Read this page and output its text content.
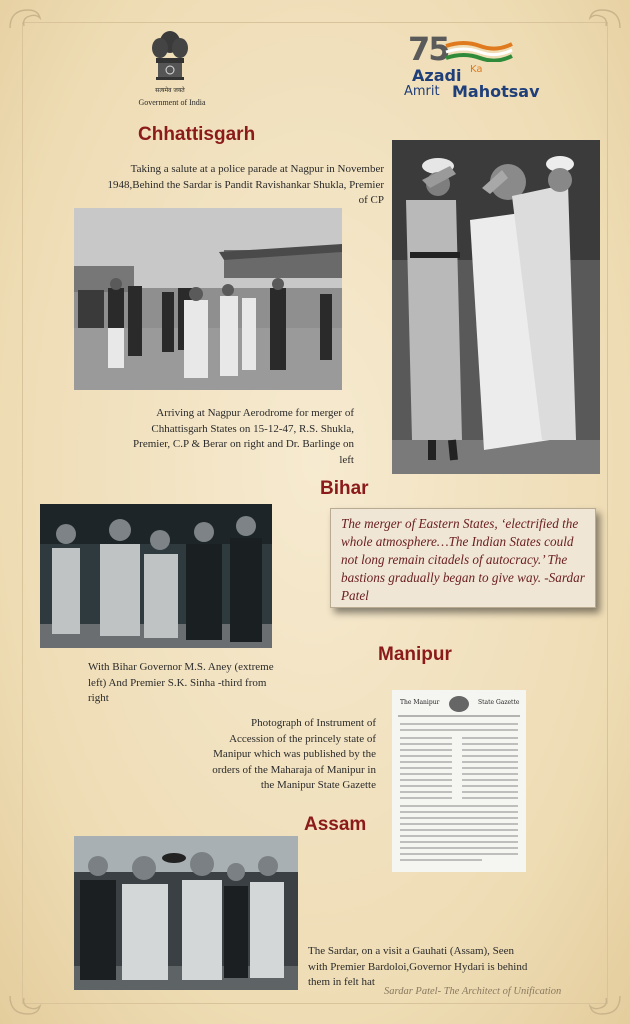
सत्यमेव जयते
Government of India
75
Azadi Ka
Amrit Mahotsav
Chhattisgarh
Taking a salute at a police parade at Nagpur in November 1948,Behind the Sardar is Pandit Ravishankar Shukla, Premier of CP
Arriving at Nagpur Aerodrome for merger of Chhattisgarh States on 15-12-47, R.S. Shukla, Premier, C.P & Berar on right and Dr. Barlinge on left
Bihar
The merger of Eastern States, ‘electrified the whole atmosphere…The Indian States could not long remain citadels of autocracy.’ The bastions gradually began to give way. -Sardar Patel
With Bihar Governor M.S. Aney (extreme left) And Premier S.K. Sinha -third from right
Manipur
Photograph of Instrument of Accession of the princely state of Manipur which was published by the orders of the Maharaja of Manipur in the Manipur State Gazette
The Manipur	State Gazette
Assam
The Sardar, on a visit a Gauhati (Assam), Seen with Premier Bardoloi,Governor Hydari is behind them in felt hat
Sardar Patel- The Architect of Unification
